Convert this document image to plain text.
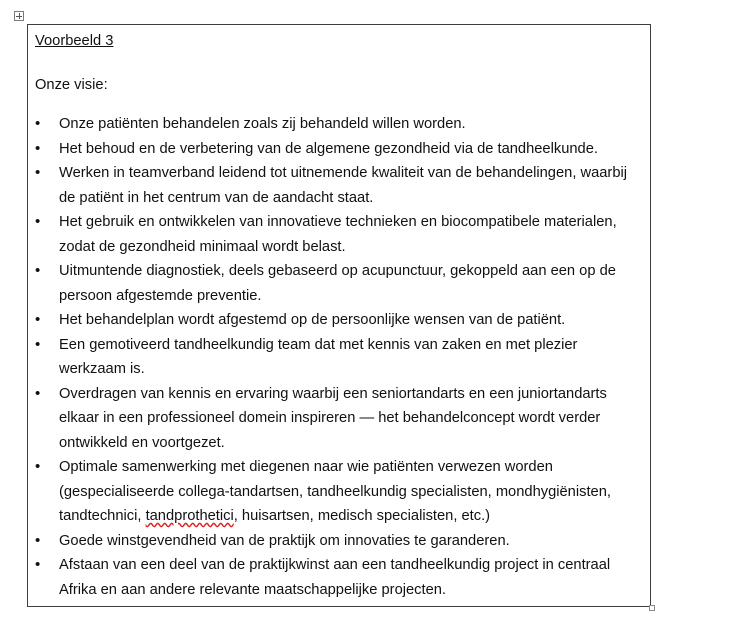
Voorbeeld 3

Onze visie:

• Onze patiënten behandelen zoals zij behandeld willen worden.
• Het behoud en de verbetering van de algemene gezondheid via de tandheelkunde.
• Werken in teamverband leidend tot uitnemende kwaliteit van de behandelingen, waarbij de patiënt in het centrum van de aandacht staat.
• Het gebruik en ontwikkelen van innovatieve technieken en biocompatibele materialen, zodat de gezondheid minimaal wordt belast.
• Uitmuntende diagnostiek, deels gebaseerd op acupunctuur, gekoppeld aan een op de persoon afgestemde preventie.
• Het behandelplan wordt afgestemd op de persoonlijke wensen van de patiënt.
• Een gemotiveerd tandheelkundig team dat met kennis van zaken en met plezier werkzaam is.
• Overdragen van kennis en ervaring waarbij een seniortandarts en een juniortandarts elkaar in een professioneel domein inspireren — het behandelconcept wordt verder ontwikkeld en voortgezet.
• Optimale samenwerking met diegenen naar wie patiënten verwezen worden (gespecialiseerde collega-tandartsen, tandheelkundig specialisten, mondhygiënisten, tandtechnici, tandprothetici, huisartsen, medisch specialisten, etc.)
• Goede winstgevendheid van de praktijk om innovaties te garanderen.
• Afstaan van een deel van de praktijkwinst aan een tandheelkundig project in centraal Afrika en aan andere relevante maatschappelijke projecten.
